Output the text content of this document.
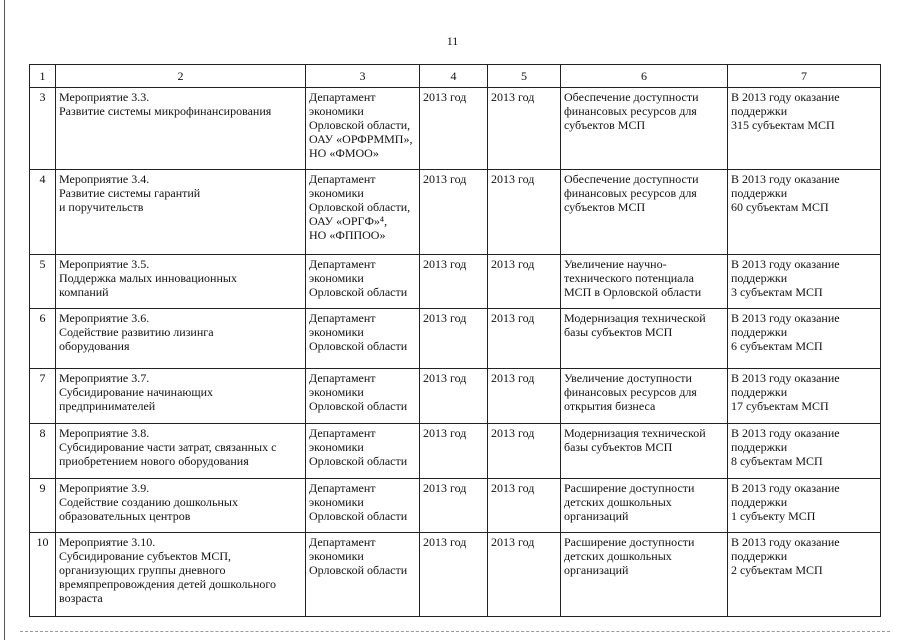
11
1	2	3	4	5	6	7
3	Мероприятие 3.3.
Развитие системы микрофинансирования	Департамент
экономики
Орловской области,
ОАУ «ОРФРММП»,
НО «ФМОО»	2013 год	2013 год	Обеспечение доступности
финансовых ресурсов для
субъектов МСП	В 2013 году оказание
поддержки
315 субъектам МСП
4	Мероприятие 3.4.
Развитие системы гарантий
и поручительств	Департамент
экономики
Орловской области,
ОАУ «ОРГФ»⁴,
НО «ФППОО»	2013 год	2013 год	Обеспечение доступности
финансовых ресурсов для
субъектов МСП	В 2013 году оказание
поддержки
60 субъектам МСП
5	Мероприятие 3.5.
Поддержка малых инновационных
компаний	Департамент
экономики
Орловской области	2013 год	2013 год	Увеличение научно-
технического потенциала
МСП в Орловской области	В 2013 году оказание
поддержки
3 субъектам МСП
6	Мероприятие 3.6.
Содействие развитию лизинга
оборудования	Департамент
экономики
Орловской области	2013 год	2013 год	Модернизация технической
базы субъектов МСП	В 2013 году оказание
поддержки
6 субъектам МСП
7	Мероприятие 3.7.
Субсидирование начинающих
предпринимателей	Департамент
экономики
Орловской области	2013 год	2013 год	Увеличение доступности
финансовых ресурсов для
открытия бизнеса	В 2013 году оказание
поддержки
17 субъектам МСП
8	Мероприятие 3.8.
Субсидирование части затрат, связанных с
приобретением нового оборудования	Департамент
экономики
Орловской области	2013 год	2013 год	Модернизация технической
базы субъектов МСП	В 2013 году оказание
поддержки
8 субъектам МСП
9	Мероприятие 3.9.
Содействие созданию дошкольных
образовательных центров	Департамент
экономики
Орловской области	2013 год	2013 год	Расширение доступности
детских дошкольных
организаций	В 2013 году оказание
поддержки
1 субъекту МСП
10	Мероприятие 3.10.
Субсидирование субъектов МСП,
организующих группы дневного
времяпрепровождения детей дошкольного
возраста	Департамент
экономики
Орловской области	2013 год	2013 год	Расширение доступности
детских дошкольных
организаций	В 2013 году оказание
поддержки
2 субъектам МСП
